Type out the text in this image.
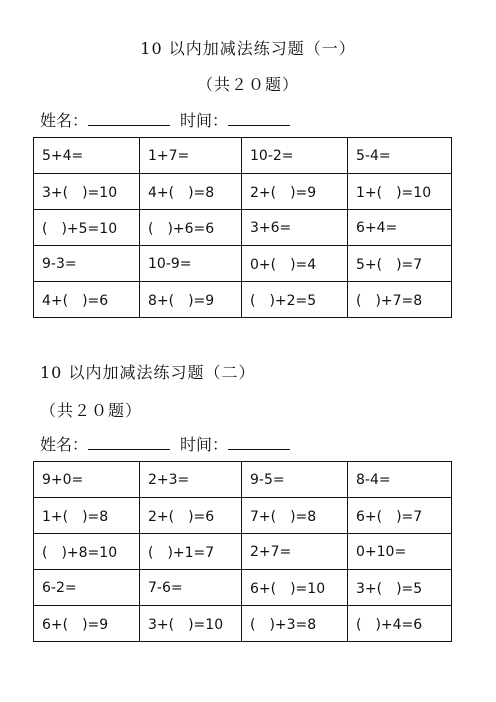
10 以内加减法练习题（一）
（共２０题）
姓名：	时间：
5+4=	1+7=	10-2=	5-4=
3+(　)=10	4+(　)=8	2+(　)=9	1+(　)=10
(　)+5=10	(　)+6=6	3+6=	6+4=
9-3=	10-9=	0+(　)=4	5+(　)=7
4+(　)=6	8+(　)=9	(　)+2=5	(　)+7=8
10 以内加减法练习题（二）
（共２０题）
姓名：	时间：
9+0=	2+3=	9-5=	8-4=
1+(　)=8	2+(　)=6	7+(　)=8	6+(　)=7
(　)+8=10	(　)+1=7	2+7=	0+10=
6-2=	7-6=	6+(　)=10	3+(　)=5
6+(　)=9	3+(　)=10	(　)+3=8	(　)+4=6
